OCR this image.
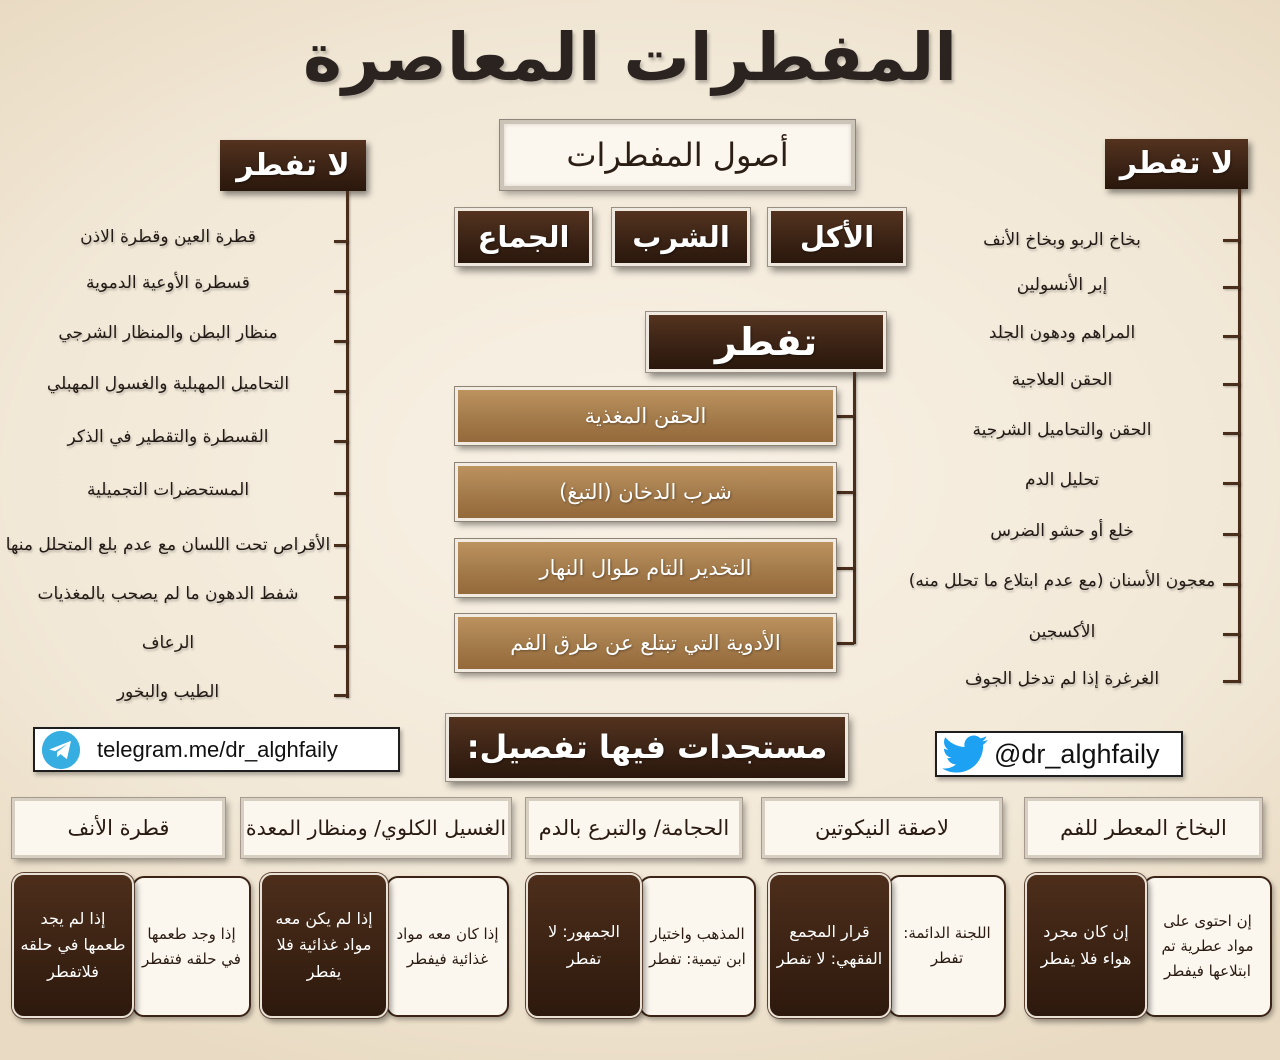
المفطرات المعاصرة
لا تفطر
قطرة العين وقطرة الاذن
قسطرة الأوعية الدموية
منظار البطن والمنظار الشرجي
التحاميل المهبلية والغسول المهبلي
القسطرة والتقطير في الذكر
المستحضرات التجميلية
الأقراص تحت اللسان مع عدم بلع المتحلل منها
شفط الدهون ما لم يصحب بالمغذيات
الرعاف
الطيب والبخور
لا تفطر
بخاخ الربو وبخاخ الأنف
إبر الأنسولين
المراهم ودهون الجلد
الحقن العلاجية
الحقن والتحاميل الشرجية
تحليل الدم
خلع أو حشو الضرس
معجون الأسنان (مع عدم ابتلاع ما تحلل منه)
الأكسجين
الغرغرة إذا لم تدخل الجوف
أصول المفطرات
الأكل
الشرب
الجماع
تفطر
الحقن المغذية
شرب الدخان (التبغ)
التخدير التام طوال النهار
الأدوية التي تبتلع عن طرق الفم
telegram.me/dr_alghfaily	@dr_alghfaily
مستجدات فيها تفصيل:
البخاخ المعطر للفم
إن احتوى على مواد عطرية تم ابتلاعها فيفطر
إن كان مجرد هواء فلا يفطر
لاصقة النيكوتين
اللجنة الدائمة: تفطر
قرار المجمع الفقهي: لا تفطر
الحجامة/ والتبرع بالدم
المذهب واختيار ابن تيمية: تفطر
الجمهور: لا تفطر
الغسيل الكلوي/ ومنظار المعدة
إذا كان معه مواد غذائية فيفطر
إذا لم يكن معه مواد غذائية فلا يفطر
قطرة الأنف
إذا وجد طعمها في حلقه فتفطر
إذا لم يجد طعمها في حلقه فلاتفطر
